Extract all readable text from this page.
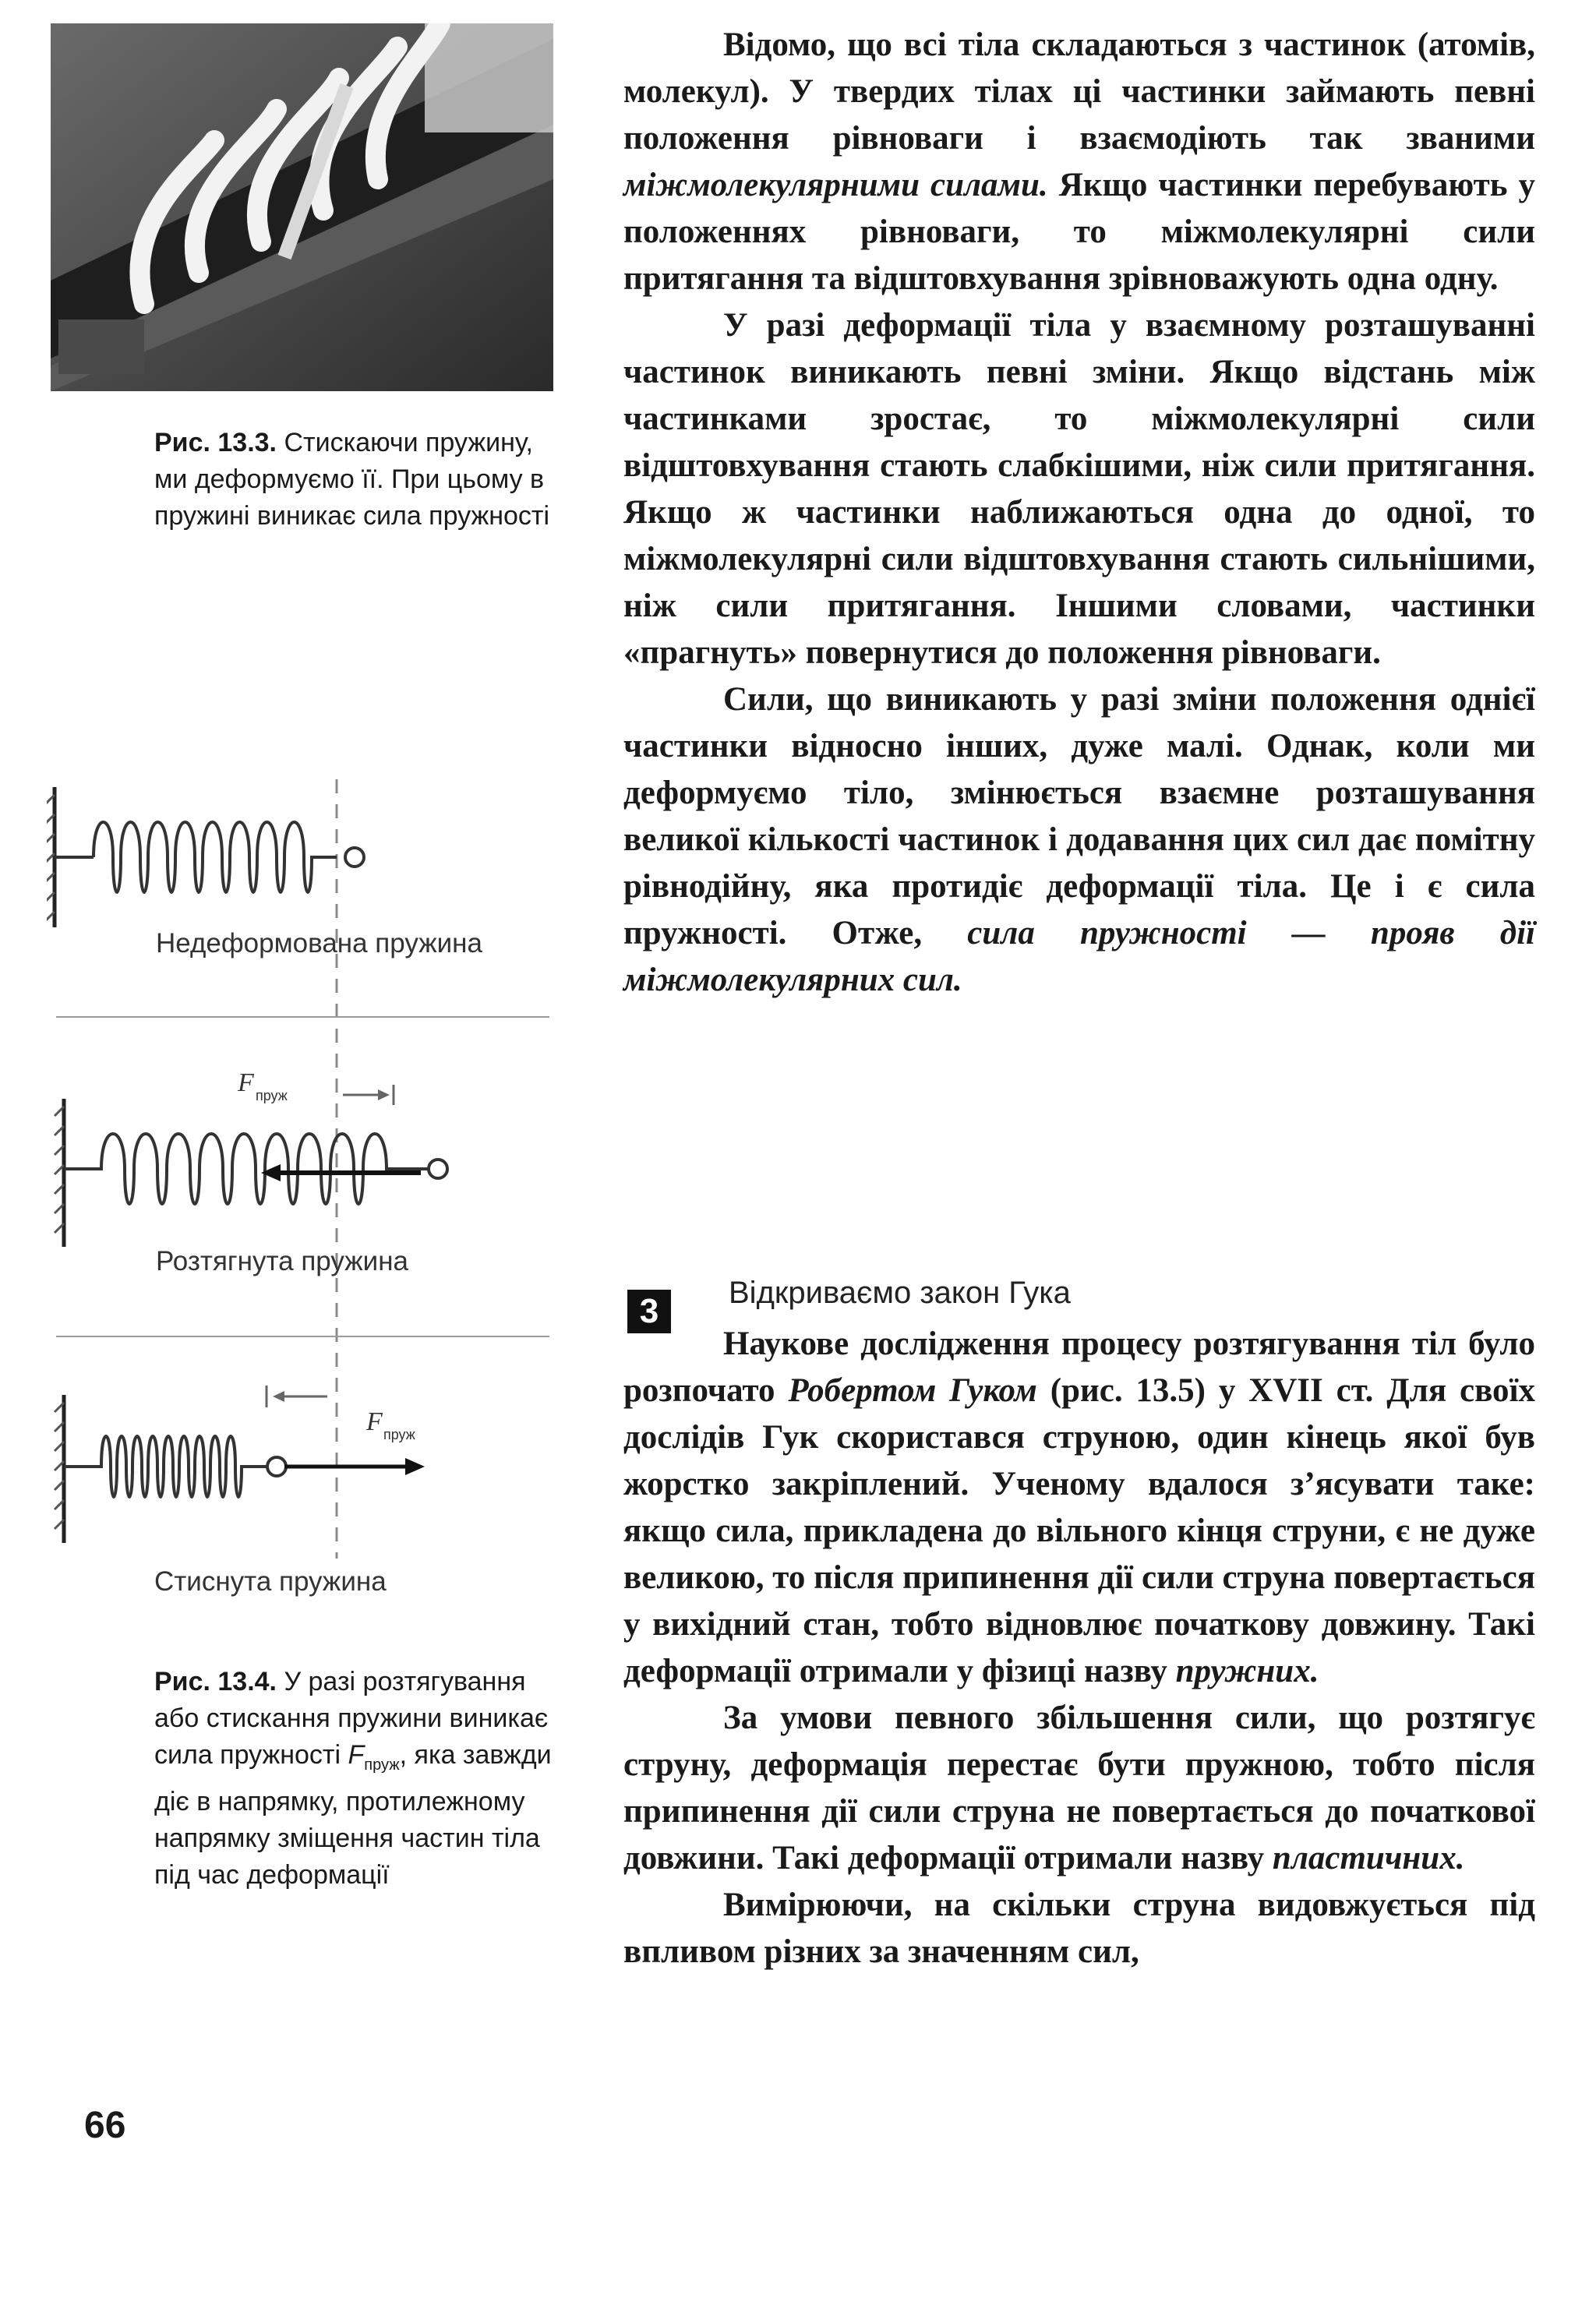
Рис. 13.3. Стискаючи пружину, ми деформуємо її. При цьому в пружині виникає сила пружності
Недеформована пружина
F пруж
Розтягнута пружина
F пруж
Стиснута пружина
Рис. 13.4. У разі розтягування або стискання пружини виникає сила пружності $F_{пруж}$, яка завжди діє в напрямку, протилежному напрямку зміщення частин тіла під час деформації

Відомо, що всі тіла складаються з частинок (атомів, молекул). У твердих тілах ці частинки займають певні положення рівноваги і взаємодіють так званими міжмолекулярними силами. Якщо частинки перебувають у положеннях рівноваги, то міжмолекулярні сили притягання та відштовхування зрівноважують одна одну.

У разі деформації тіла у взаємному розташуванні частинок виникають певні зміни. Якщо відстань між частинками зростає, то міжмолекулярні сили відштовхування стають слабкішими, ніж сили притягання. Якщо ж частинки наближаються одна до одної, то міжмолекулярні сили відштовхування стають сильнішими, ніж сили притягання. Іншими словами, частинки «прагнуть» повернутися до положення рівноваги.

Сили, що виникають у разі зміни положення однієї частинки відносно інших, дуже малі. Однак, коли ми деформуємо тіло, змінюється взаємне розташування великої кількості частинок і додавання цих сил дає помітну рівнодійну, яка протидіє деформації тіла. Це і є сила пружності. Отже, сила пружності — прояв дії міжмолекулярних сил.

3	Відкриваємо закон Гука

Наукове дослідження процесу розтягування тіл було розпочато Робертом Гуком (рис. 13.5) у XVII ст. Для своїх дослідів Гук скористався струною, один кінець якої був жорстко закріплений. Ученому вдалося з’ясувати таке: якщо сила, прикладена до вільного кінця струни, є не дуже великою, то після припинення дії сили струна повертається у вихідний стан, тобто відновлює початкову довжину. Такі деформації отримали у фізиці назву пружних.

За умови певного збільшення сили, що розтягує струну, деформація перестає бути пружною, тобто після припинення дії сили струна не повертається до початкової довжини. Такі деформації отримали назву пластичних.

Вимірюючи, на скільки струна видовжується під впливом різних за значенням сил,

66
